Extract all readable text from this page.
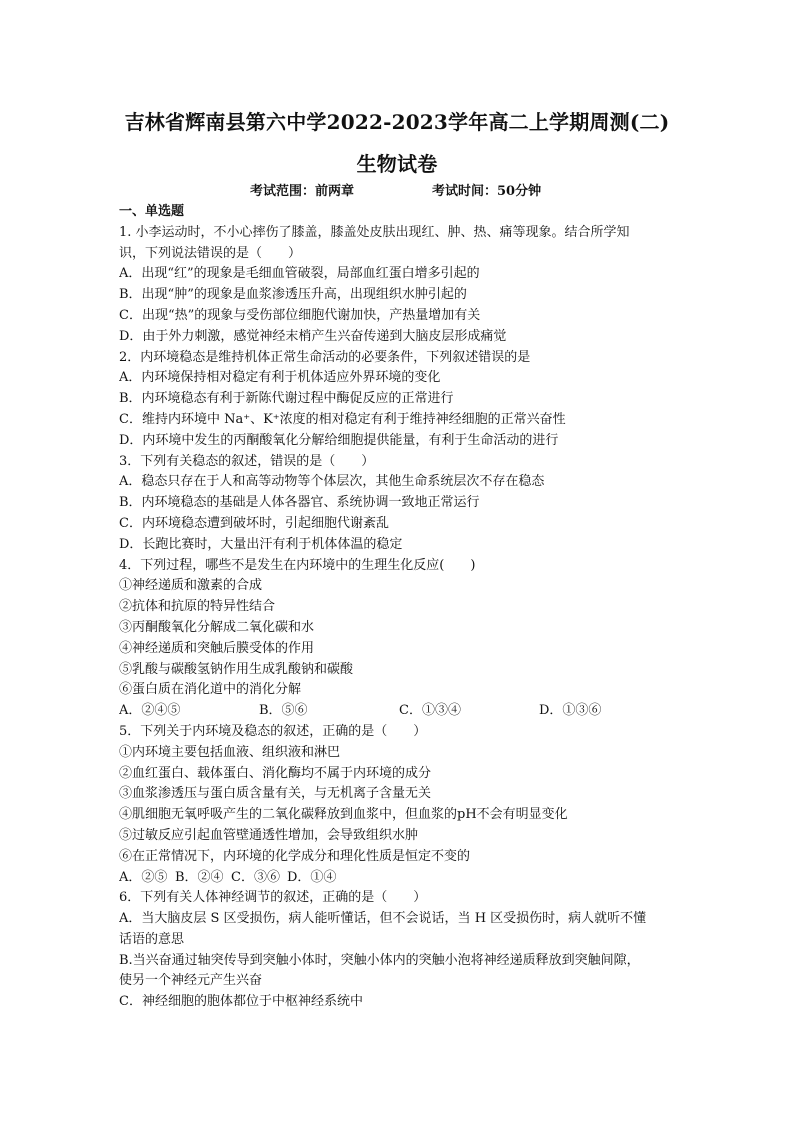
吉林省辉南县第六中学2022-2023学年高二上学期周测(二)
生物试卷
考试范围：前两章	考试时间：50分钟
一、单选题
1. 小李运动时，不小心摔伤了膝盖，膝盖处皮肤出现红、肿、热、痛等现象。结合所学知
识，下列说法错误的是（　　）
A．出现“红”的现象是毛细血管破裂，局部血红蛋白增多引起的
B．出现“肿”的现象是血浆渗透压升高，出现组织水肿引起的
C．出现“热”的现象与受伤部位细胞代谢加快，产热量增加有关
D．由于外力刺激，感觉神经末梢产生兴奋传递到大脑皮层形成痛觉
2．内环境稳态是维持机体正常生命活动的必要条件，下列叙述错误的是
A．内环境保持相对稳定有利于机体适应外界环境的变化
B．内环境稳态有利于新陈代谢过程中酶促反应的正常进行
C．维持内环境中 Na⁺、K⁺浓度的相对稳定有利于维持神经细胞的正常兴奋性
D．内环境中发生的丙酮酸氧化分解给细胞提供能量，有利于生命活动的进行
3．下列有关稳态的叙述，错误的是（　　）
A．稳态只存在于人和高等动物等个体层次，其他生命系统层次不存在稳态
B．内环境稳态的基础是人体各器官、系统协调一致地正常运行
C．内环境稳态遭到破坏时，引起细胞代谢紊乱
D．长跑比赛时，大量出汗有利于机体体温的稳定
4．下列过程，哪些不是发生在内环境中的生理生化反应(　　)
①神经递质和激素的合成
②抗体和抗原的特异性结合
③丙酮酸氧化分解成二氧化碳和水
④神经递质和突触后膜受体的作用
⑤乳酸与碳酸氢钠作用生成乳酸钠和碳酸
⑥蛋白质在消化道中的消化分解
A．②④⑤	B．⑤⑥	C．①③④	D．①③⑥
5．下列关于内环境及稳态的叙述，正确的是（　　）
①内环境主要包括血液、组织液和淋巴
②血红蛋白、载体蛋白、消化酶均不属于内环境的成分
③血浆渗透压与蛋白质含量有关，与无机离子含量无关
④肌细胞无氧呼吸产生的二氧化碳释放到血浆中，但血浆的pH不会有明显变化
⑤过敏反应引起血管壁通透性增加，会导致组织水肿
⑥在正常情况下，内环境的化学成分和理化性质是恒定不变的
A．②⑤ B．②④ C．③⑥ D．①④
6．下列有关人体神经调节的叙述，正确的是（　　）
A．当大脑皮层 S 区受损伤，病人能听懂话，但不会说话，当 H 区受损伤时，病人就听不懂
话语的意思
B.当兴奋通过轴突传导到突触小体时，突触小体内的突触小泡将神经递质释放到突触间隙，
使另一个神经元产生兴奋
C．神经细胞的胞体都位于中枢神经系统中
